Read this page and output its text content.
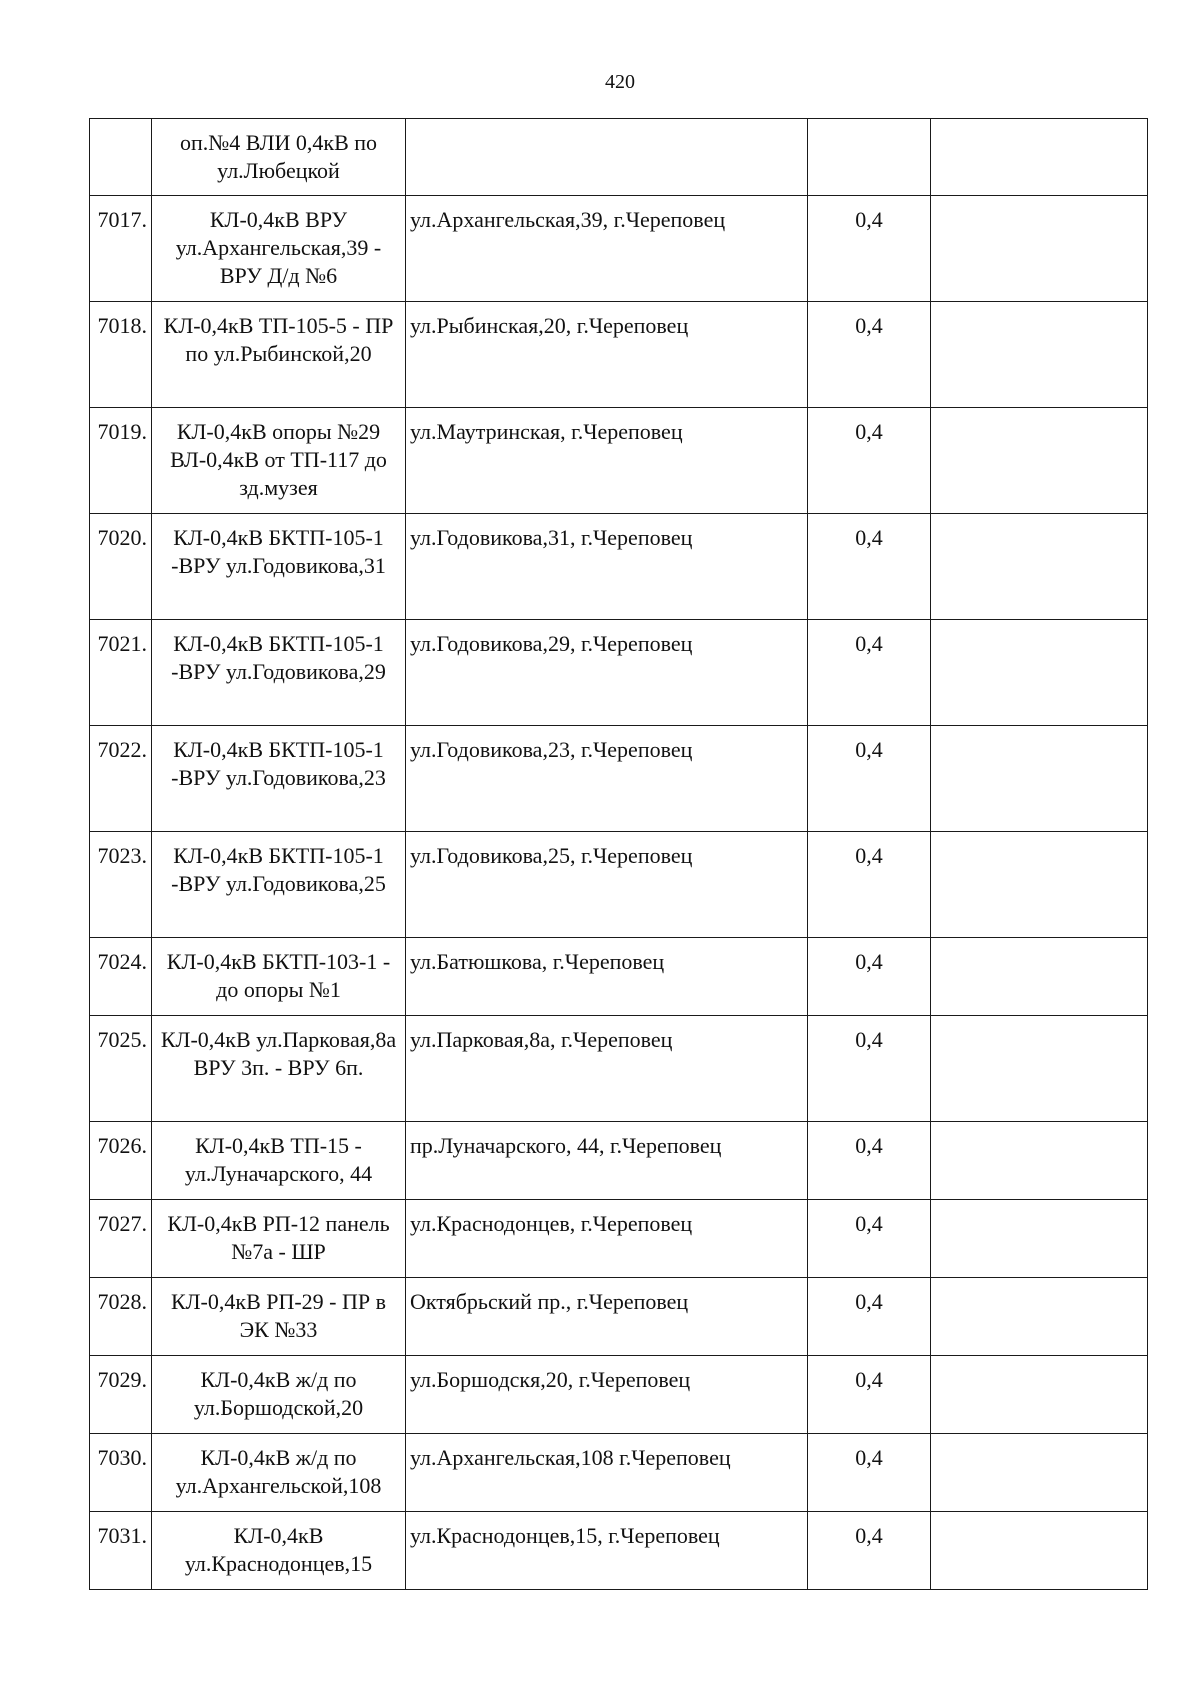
420
	оп.№4 ВЛИ 0,4кВ по ул.Любецкой			
7017.	КЛ-0,4кВ ВРУ ул.Архангельская,39 - ВРУ Д/д №6	ул.Архангельская,39, г.Череповец	0,4	
7018.	КЛ-0,4кВ ТП-105-5 - ПР по ул.Рыбинской,20	ул.Рыбинская,20, г.Череповец	0,4	
7019.	КЛ-0,4кВ опоры №29 ВЛ-0,4кВ от ТП-117 до зд.музея	ул.Маутринская, г.Череповец	0,4	
7020.	КЛ-0,4кВ БКТП-105-1 -ВРУ ул.Годовикова,31	ул.Годовикова,31, г.Череповец	0,4	
7021.	КЛ-0,4кВ БКТП-105-1 -ВРУ ул.Годовикова,29	ул.Годовикова,29, г.Череповец	0,4	
7022.	КЛ-0,4кВ БКТП-105-1 -ВРУ ул.Годовикова,23	ул.Годовикова,23, г.Череповец	0,4	
7023.	КЛ-0,4кВ БКТП-105-1 -ВРУ ул.Годовикова,25	ул.Годовикова,25, г.Череповец	0,4	
7024.	КЛ-0,4кВ БКТП-103-1 - до опоры №1	ул.Батюшкова, г.Череповец	0,4	
7025.	КЛ-0,4кВ ул.Парковая,8а ВРУ 3п. - ВРУ 6п.	ул.Парковая,8а, г.Череповец	0,4	
7026.	КЛ-0,4кВ ТП-15 - ул.Луначарского, 44	пр.Луначарского, 44, г.Череповец	0,4	
7027.	КЛ-0,4кВ РП-12 панель №7а - ШР	ул.Краснодонцев, г.Череповец	0,4	
7028.	КЛ-0,4кВ РП-29 - ПР в ЭК №33	Октябрьский пр., г.Череповец	0,4	
7029.	КЛ-0,4кВ ж/д по ул.Боршодской,20	ул.Боршодскя,20, г.Череповец	0,4	
7030.	КЛ-0,4кВ ж/д по ул.Архангельской,108	ул.Архангельская,108 г.Череповец	0,4	
7031.	КЛ-0,4кВ ул.Краснодонцев,15	ул.Краснодонцев,15, г.Череповец	0,4	
